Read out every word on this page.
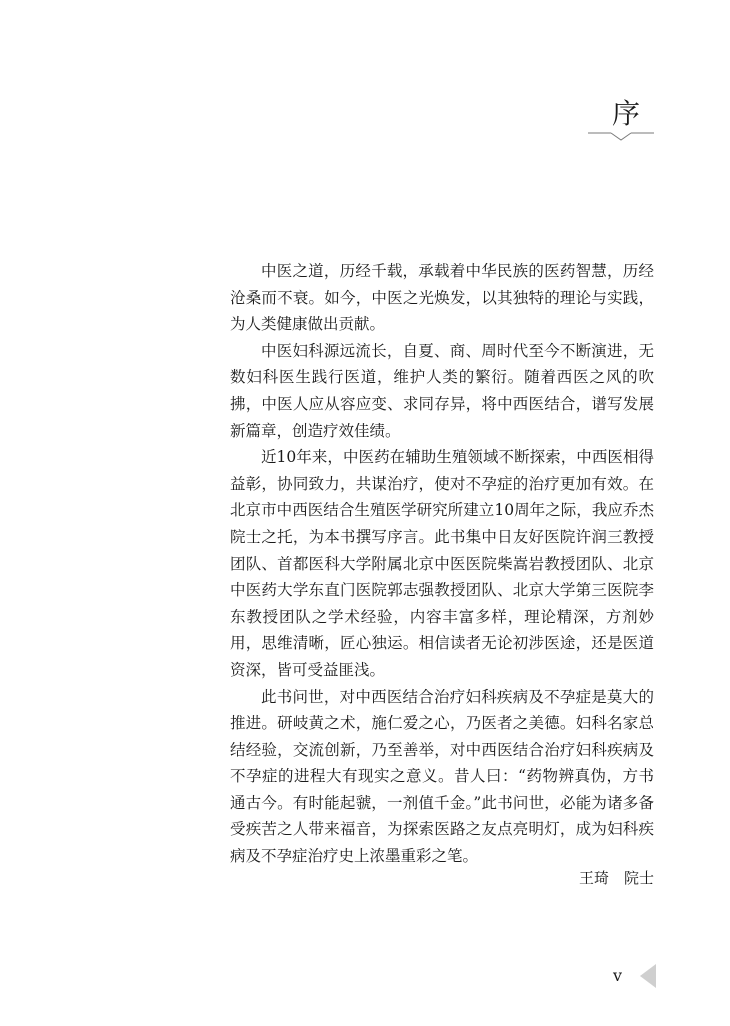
序

中医之道，历经千载，承载着中华民族的医药智慧，历经沧桑而不衰。如今，中医之光焕发，以其独特的理论与实践，为人类健康做出贡献。

中医妇科源远流长，自夏、商、周时代至今不断演进，无数妇科医生践行医道，维护人类的繁衍。随着西医之风的吹拂，中医人应从容应变、求同存异，将中西医结合，谱写发展新篇章，创造疗效佳绩。

近10年来，中医药在辅助生殖领域不断探索，中西医相得益彰，协同致力，共谋治疗，使对不孕症的治疗更加有效。在北京市中西医结合生殖医学研究所建立10周年之际，我应乔杰院士之托，为本书撰写序言。此书集中日友好医院许润三教授团队、首都医科大学附属北京中医医院柴嵩岩教授团队、北京中医药大学东直门医院郭志强教授团队、北京大学第三医院李东教授团队之学术经验，内容丰富多样，理论精深，方剂妙用，思维清晰，匠心独运。相信读者无论初涉医途，还是医道资深，皆可受益匪浅。

此书问世，对中西医结合治疗妇科疾病及不孕症是莫大的推进。研岐黄之术，施仁爱之心，乃医者之美德。妇科名家总结经验，交流创新，乃至善举，对中西医结合治疗妇科疾病及不孕症的进程大有现实之意义。昔人曰：“药物辨真伪，方书通古今。有时能起虢，一剂值千金。”此书问世，必能为诸多备受疾苦之人带来福音，为探索医路之友点亮明灯，成为妇科疾病及不孕症治疗史上浓墨重彩之笔。

王琦　院士
v
